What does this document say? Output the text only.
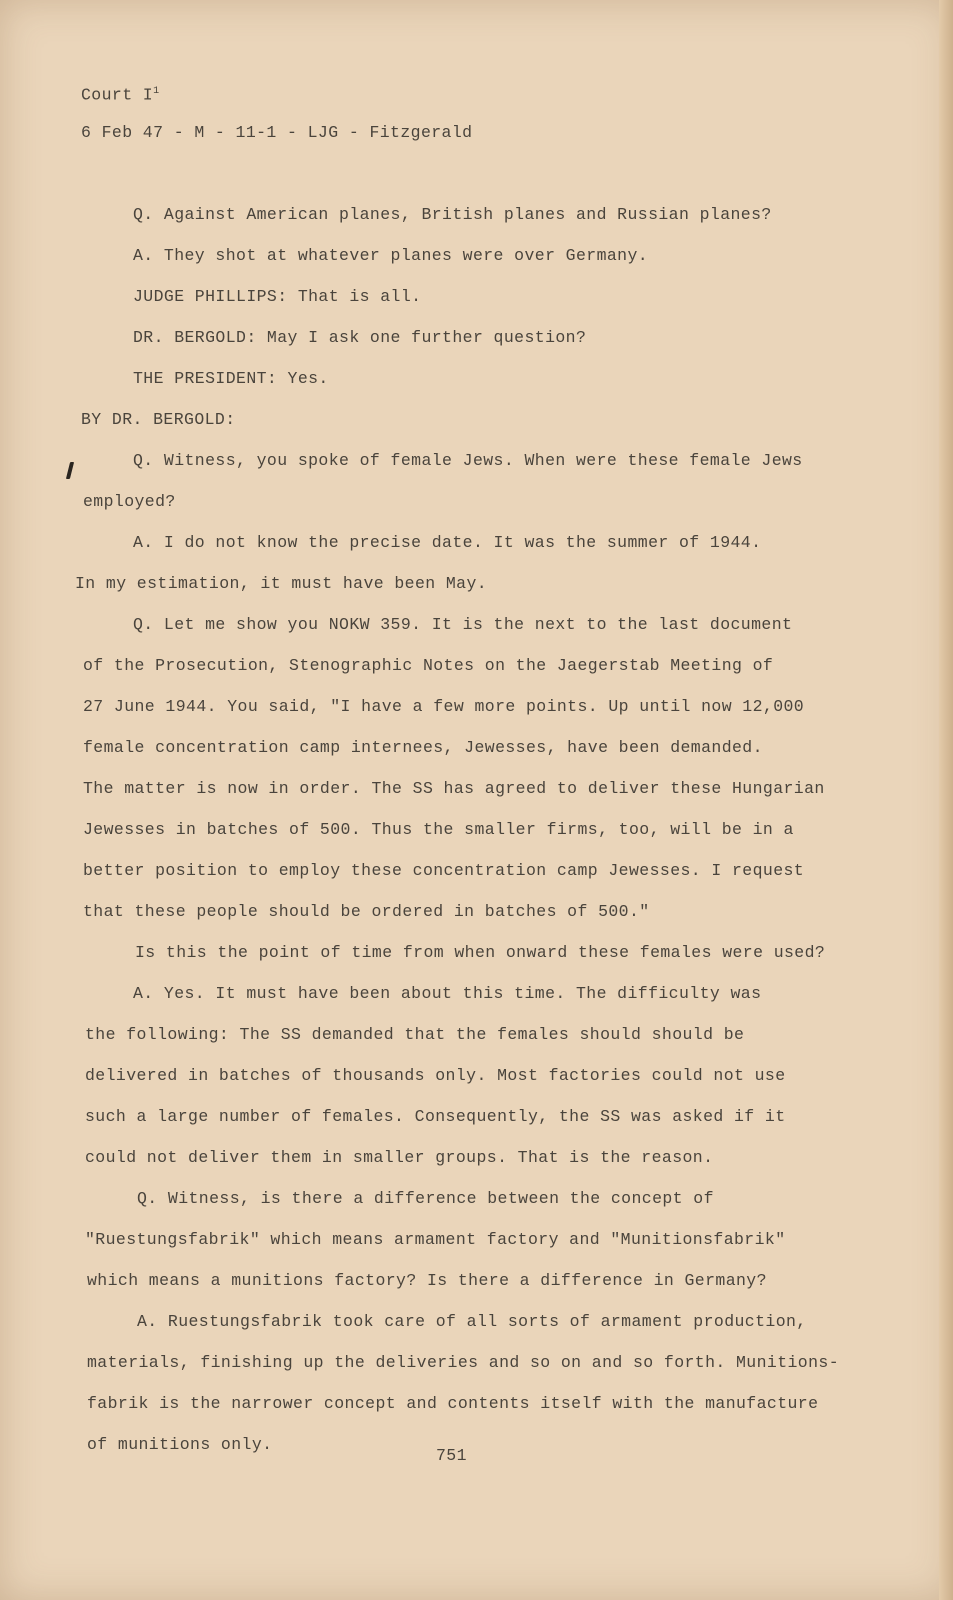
Court $I^1$
6 Feb 47 - M - 11-1 - LJG - Fitzgerald
Q. Against American planes, British planes and Russian planes?
A. They shot at whatever planes were over Germany.
JUDGE PHILLIPS: That is all.
DR. BERGOLD: May I ask one further question?
THE PRESIDENT: Yes.
BY DR. BERGOLD:
Q. Witness, you spoke of female Jews. When were these female Jews
employed?
A. I do not know the precise date. It was the summer of 1944.
In my estimation, it must have been May.
Q. Let me show you NOKW 359. It is the next to the last document
of the Prosecution, Stenographic Notes on the Jaegerstab Meeting of
27 June 1944. You said, "I have a few more points. Up until now 12,000
female concentration camp internees, Jewesses, have been demanded.
The matter is now in order. The SS has agreed to deliver these Hungarian
Jewesses in batches of 500. Thus the smaller firms, too, will be in a
better position to employ these concentration camp Jewesses. I request
that these people should be ordered in batches of 500."
Is this the point of time from when onward these females were used?
A. Yes. It must have been about this time. The difficulty was
the following: The SS demanded that the females should should be
delivered in batches of thousands only. Most factories could not use
such a large number of females. Consequently, the SS was asked if it
could not deliver them in smaller groups. That is the reason.
Q. Witness, is there a difference between the concept of
"Ruestungsfabrik" which means armament factory and "Munitionsfabrik"
which means a munitions factory? Is there a difference in Germany?
A. Ruestungsfabrik took care of all sorts of armament production,
materials, finishing up the deliveries and so on and so forth. Munitions-
fabrik is the narrower concept and contents itself with the manufacture
of munitions only.
751
